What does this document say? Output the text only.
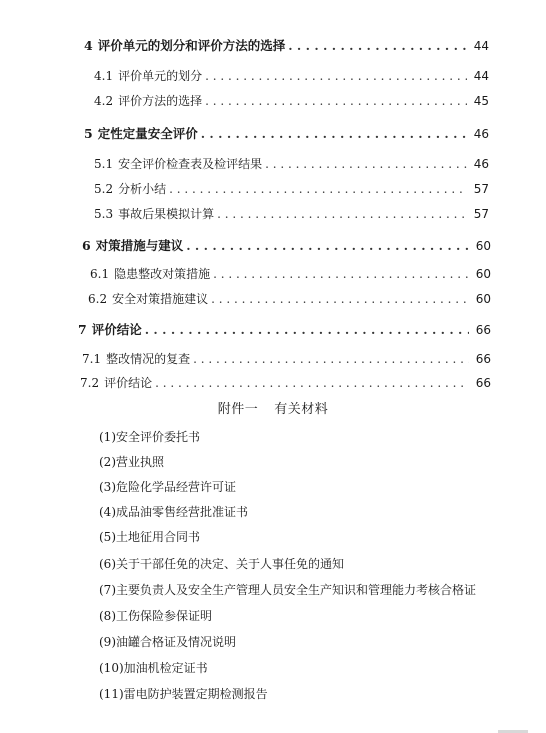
4 评价单元的划分和评价方法的选择 . . .	44
4.1 评价单元的划分 . . .	44
4.2 评价方法的选择 . . .	45
5 定性定量安全评价 . . .	46
5.1 安全评价检查表及检评结果 . . .	46
5.2 分析小结 . . .	57
5.3 事故后果模拟计算 . . .	57
6 对策措施与建议 . . .	60
6.1 隐患整改对策措施 . . .	60
6.2 安全对策措施建议 . . .	60
7 评价结论 . . .	66
7.1 整改情况的复查 . . .	66
7.2 评价结论 . . .	66
附件一 有关材料
(1)安全评价委托书
(2)营业执照
(3)危险化学品经营许可证
(4)成品油零售经营批准证书
(5)土地征用合同书
(6)关于干部任免的决定、关于人事任免的通知
(7)主要负责人及安全生产管理人员安全生产知识和管理能力考核合格证
(8)工伤保险参保证明
(9)油罐合格证及情况说明
(10)加油机检定证书
(11)雷电防护装置定期检测报告
